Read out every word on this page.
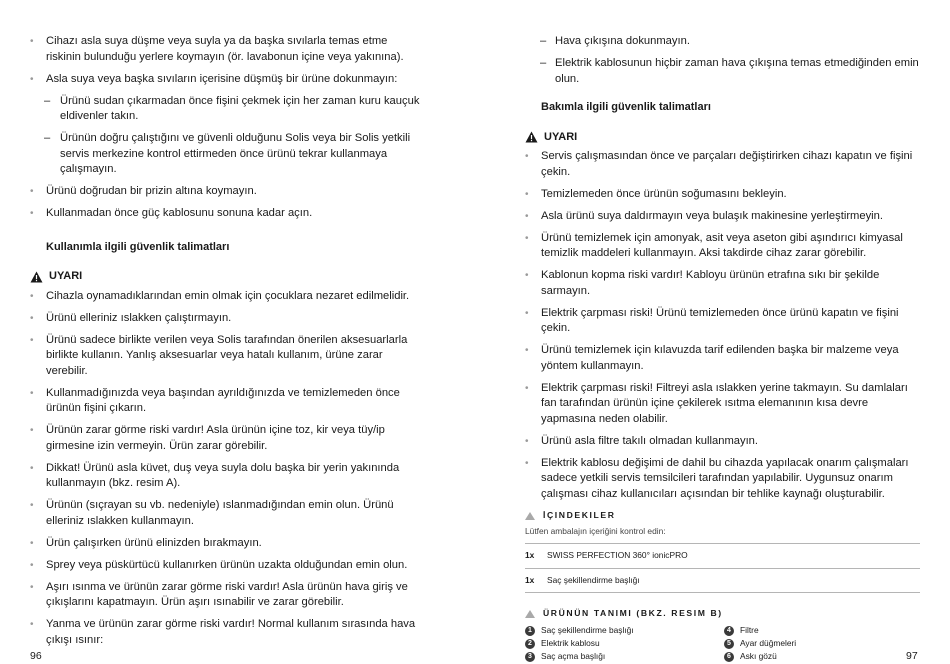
• Cihazı asla suya düşme veya suyla ya da başka sıvılarla temas etme riskinin bulunduğu yerlere koymayın (ör. lavabonun içine veya yakınına).
• Asla suya veya başka sıvıların içerisine düşmüş bir ürüne dokunmayın:
– Ürünü sudan çıkarmadan önce fişini çekmek için her zaman kuru kauçuk eldivenler takın.
– Ürünün doğru çalıştığını ve güvenli olduğunu Solis veya bir Solis yetkili servis merkezine kontrol ettirmeden önce ürünü tekrar kullanmaya çalışmayın.
• Ürünü doğrudan bir prizin altına koymayın.
• Kullanmadan önce güç kablosunu sonuna kadar açın.
Kullanımla ilgili güvenlik talimatları
UYARI
• Cihazla oynamadıklarından emin olmak için çocuklara nezaret edilmelidir.
• Ürünü elleriniz ıslakken çalıştırmayın.
• Ürünü sadece birlikte verilen veya Solis tarafından önerilen aksesuarlarla birlikte kullanın. Yanlış aksesuarlar veya hatalı kullanım, ürüne zarar verebilir.
• Kullanmadığınızda veya başından ayrıldığınızda ve temizlemeden önce ürünün fişini çıkarın.
• Ürünün zarar görme riski vardır! Asla ürünün içine toz, kir veya tüy/ip girmesine izin vermeyin. Ürün zarar görebilir.
• Dikkat! Ürünü asla küvet, duş veya suyla dolu başka bir yerin yakınında kullanmayın (bkz. resim A).
• Ürünün (sıçrayan su vb. nedeniyle) ıslanmadığından emin olun. Ürünü elleriniz ıslakken kullanmayın.
• Ürün çalışırken ürünü elinizden bırakmayın.
• Sprey veya püskürtücü kullanırken ürünün uzakta olduğundan emin olun.
• Aşırı ısınma ve ürünün zarar görme riski vardır! Asla ürünün hava giriş ve çıkışlarını kapatmayın. Ürün aşırı ısınabilir ve zarar görebilir.
• Yanma ve ürünün zarar görme riski vardır! Normal kullanım sırasında hava çıkışı ısınır:
– Hava çıkışına dokunmayın.
– Elektrik kablosunun hiçbir zaman hava çıkışına temas etmediğinden emin olun.
Bakımla ilgili güvenlik talimatları
UYARI
• Servis çalışmasından önce ve parçaları değiştirirken cihazı kapatın ve fişini çekin.
• Temizlemeden önce ürünün soğumasını bekleyin.
• Asla ürünü suya daldırmayın veya bulaşık makinesine yerleştirmeyin.
• Ürünü temizlemek için amonyak, asit veya aseton gibi aşındırıcı kimyasal temizlik maddeleri kullanmayın. Aksi takdirde cihaz zarar görebilir.
• Kablonun kopma riski vardır! Kabloyu ürünün etrafına sıkı bir şekilde sarmayın.
• Elektrik çarpması riski! Ürünü temizlemeden önce ürünü kapatın ve fişini çekin.
• Ürünü temizlemek için kılavuzda tarif edilenden başka bir malzeme veya yöntem kullanmayın.
• Elektrik çarpması riski! Filtreyi asla ıslakken yerine takmayın. Su damlaları fan tarafından ürünün içine çekilerek ısıtma elemanının kısa devre yapmasına neden olabilir.
• Ürünü asla filtre takılı olmadan kullanmayın.
• Elektrik kablosu değişimi de dahil bu cihazda yapılacak onarım çalışmaları sadece yetkili servis temsilcileri tarafından yapılabilir. Uygunsuz onarım çalışması cihaz kullanıcıları açısından bir tehlike kaynağı oluşturabilir.
İÇINDEKILER
Lütfen ambalajın içeriğini kontrol edin:
1x	SWISS PERFECTION 360° ionicPRO
1x	Saç şekillendirme başlığı
ÜRÜNÜN TANIMI (BKZ. RESIM B)
1	Saç şekillendirme başlığı	4	Filtre
2	Elektrik kablosu	5	Ayar düğmeleri
3	Saç açma başlığı	6	Askı gözü
96	97
